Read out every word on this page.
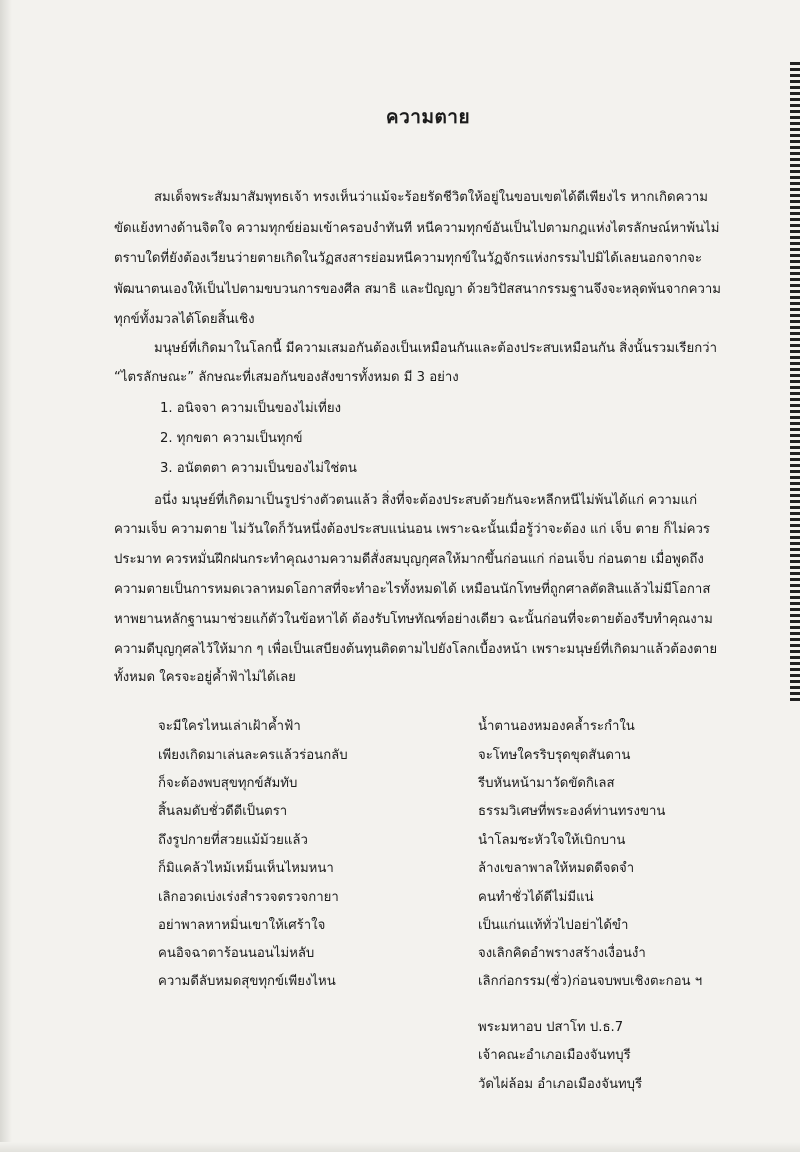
ความตาย
สมเด็จพระสัมมาสัมพุทธเจ้า ทรงเห็นว่าแม้จะร้อยรัดชีวิตให้อยู่ในขอบเขตได้ดีเพียงไร หากเกิดความ
ขัดแย้งทางด้านจิตใจ ความทุกข์ย่อมเข้าครอบงำทันที หนีความทุกข์อันเป็นไปตามกฎแห่งไตรลักษณ์หาพ้นไม่
ตราบใดที่ยังต้องเวียนว่ายตายเกิดในวัฏสงสารย่อมหนีความทุกข์ในวัฏจักรแห่งกรรมไปมิได้เลยนอกจากจะ
พัฒนาตนเองให้เป็นไปตามขบวนการของศีล สมาธิ และปัญญา ด้วยวิปัสสนากรรมฐานจึงจะหลุดพ้นจากความ
ทุกข์ทั้งมวลได้โดยสิ้นเชิง
มนุษย์ที่เกิดมาในโลกนี้ มีความเสมอกันต้องเป็นเหมือนกันและต้องประสบเหมือนกัน สิ่งนั้นรวมเรียกว่า
“ไตรลักษณะ” ลักษณะที่เสมอกันของสังขารทั้งหมด มี 3 อย่าง
1. อนิจจา ความเป็นของไม่เที่ยง
2. ทุกขตา ความเป็นทุกข์
3. อนัตตตา ความเป็นของไม่ใช่ตน
อนึ่ง มนุษย์ที่เกิดมาเป็นรูปร่างตัวตนแล้ว สิ่งที่จะต้องประสบด้วยกันจะหลีกหนีไม่พ้นได้แก่ ความแก่
ความเจ็บ ความตาย ไม่วันใดก็วันหนึ่งต้องประสบแน่นอน เพราะฉะนั้นเมื่อรู้ว่าจะต้อง แก่ เจ็บ ตาย ก็ไม่ควร
ประมาท ควรหมั่นฝึกฝนกระทำคุณงามความดีสั่งสมบุญกุศลให้มากขึ้นก่อนแก่ ก่อนเจ็บ ก่อนตาย เมื่อพูดถึง
ความตายเป็นการหมดเวลาหมดโอกาสที่จะทำอะไรทั้งหมดได้ เหมือนนักโทษที่ถูกศาลตัดสินแล้วไม่มีโอกาส
หาพยานหลักฐานมาช่วยแก้ตัวในข้อหาได้ ต้องรับโทษทัณฑ์อย่างเดียว ฉะนั้นก่อนที่จะตายต้องรีบทำคุณงาม
ความดีบุญกุศลไว้ให้มาก ๆ เพื่อเป็นเสบียงต้นทุนติดตามไปยังโลกเบื้องหน้า เพราะมนุษย์ที่เกิดมาแล้วต้องตาย
ทั้งหมด ใครจะอยู่ค้ำฟ้าไม่ได้เลย
จะมีใครไหนเล่าเฝ้าค้ำฟ้า
เพียงเกิดมาเล่นละครแล้วร่อนกลับ
ก็จะต้องพบสุขทุกข์สัมทับ
สิ้นลมดับชั่วดีดีเป็นตรา
ถึงรูปกายที่สวยแม้ม้วยแล้ว
ก็มิแคล้วไหม้เหม็นเห็นไหมหนา
เลิกอวดเบ่งเร่งสำรวจตรวจกายา
อย่าพาลหาหมิ่นเขาให้เศร้าใจ
คนอิจฉาตาร้อนนอนไม่หลับ
ความดีลับหมดสุขทุกข์เพียงไหน
น้ำตานองหมองคล้ำระกำใน
จะโทษใครริบรุดขุดสันดาน
รีบหันหน้ามาวัดขัดกิเลส
ธรรมวิเศษที่พระองค์ท่านทรงขาน
นำโลมชะหัวใจให้เบิกบาน
ล้างเขลาพาลให้หมดดีจดจำ
คนทำชั่วได้ดีไม่มีแน่
เป็นแก่นแท้ทั่วไปอย่าได้ขำ
จงเลิกคิดอำพรางสร้างเงื่อนงำ
เลิกก่อกรรม(ชั่ว)ก่อนจบพบเชิงตะกอน ฯ
พระมหาอบ ปสาโท ป.ธ.7
เจ้าคณะอำเภอเมืองจันทบุรี
วัดไผ่ล้อม อำเภอเมืองจันทบุรี
